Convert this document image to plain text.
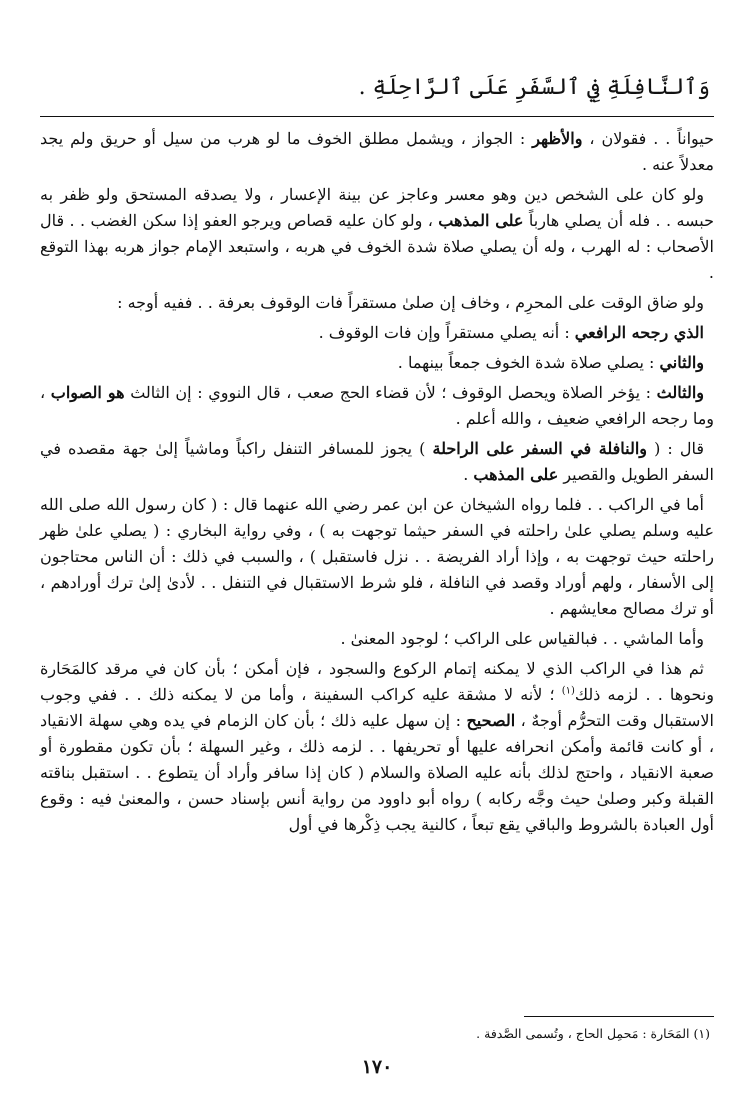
وَٱلنَّافِلَةِ فِي ٱلسَّفَرِ عَلَى ٱلرَّاحِلَةِ .

حيواناً . . فقولان ، والأظهر : الجواز ، ويشمل مطلق الخوف ما لو هرب من سيل أو حريق ولم يجد معدلاً عنه .

ولو كان على الشخص دين وهو معسر وعاجز عن بينة الإعسار ، ولا يصدقه المستحق ولو ظفر به حبسه . . فله أن يصلي هارباً على المذهب ، ولو كان عليه قصاص ويرجو العفو إذا سكن الغضب . . قال الأصحاب : له الهرب ، وله أن يصلي صلاة شدة الخوف في هربه ، واستبعد الإمام جواز هربه بهذا التوقع .

ولو ضاق الوقت على المحرِم ، وخاف إن صلىٰ مستقراً فات الوقوف بعرفة . . ففيه أوجه :

الذي رجحه الرافعي : أنه يصلي مستقراً وإن فات الوقوف .

والثاني : يصلي صلاة شدة الخوف جمعاً بينهما .

والثالث : يؤخر الصلاة ويحصل الوقوف ؛ لأن قضاء الحج صعب ، قال النووي : إن الثالث هو الصواب ، وما رجحه الرافعي ضعيف ، والله أعلم .

قال : ( والنافلة في السفر على الراحلة ) يجوز للمسافر التنفل راكباً وماشياً إلىٰ جهة مقصده في السفر الطويل والقصير على المذهب .

أما في الراكب . . فلما رواه الشيخان عن ابن عمر رضي الله عنهما قال : ( كان رسول الله صلى الله عليه وسلم يصلي علىٰ راحلته في السفر حيثما توجهت به ) ، وفي رواية البخاري : ( يصلي علىٰ ظهر راحلته حيث توجهت به ، وإذا أراد الفريضة . . نزل فاستقبل ) ، والسبب في ذلك : أن الناس محتاجون إلى الأسفار ، ولهم أوراد وقصد في النافلة ، فلو شرط الاستقبال في التنفل . . لأدىٰ إلىٰ ترك أورادهم ، أو ترك مصالح معايشهم .

وأما الماشي . . فبالقياس على الراكب ؛ لوجود المعنىٰ .

ثم هذا في الراكب الذي لا يمكنه إتمام الركوع والسجود ، فإن أمكن ؛ بأن كان في مرقد كالمَحَارة ونحوها . . لزمه ذلك$^{(١)}$ ؛ لأنه لا مشقة عليه كراكب السفينة ، وأما من لا يمكنه ذلك . . ففي وجوب الاستقبال وقت التحرُّم أوجهٌ ، الصحيح : إن سهل عليه ذلك ؛ بأن كان الزمام في يده وهي سهلة الانقياد ، أو كانت قائمة وأمكن انحرافه عليها أو تحريفها . . لزمه ذلك ، وغير السهلة ؛ بأن تكون مقطورة أو صعبة الانقياد ، واحتج لذلك بأنه عليه الصلاة والسلام ( كان إذا سافر وأراد أن يتطوع . . استقبل بناقته القبلة وكبر وصلىٰ حيث وجَّه ركابه ) رواه أبو داوود من رواية أنس بإسناد حسن ، والمعنىٰ فيه : وقوع أول العبادة بالشروط والباقي يقع تبعاً ، كالنية يجب ذِكْرها في أول

(١) المَحَارة : مَحمِل الحاج ، وتُسمى الصَّدفة .
١٧٠
